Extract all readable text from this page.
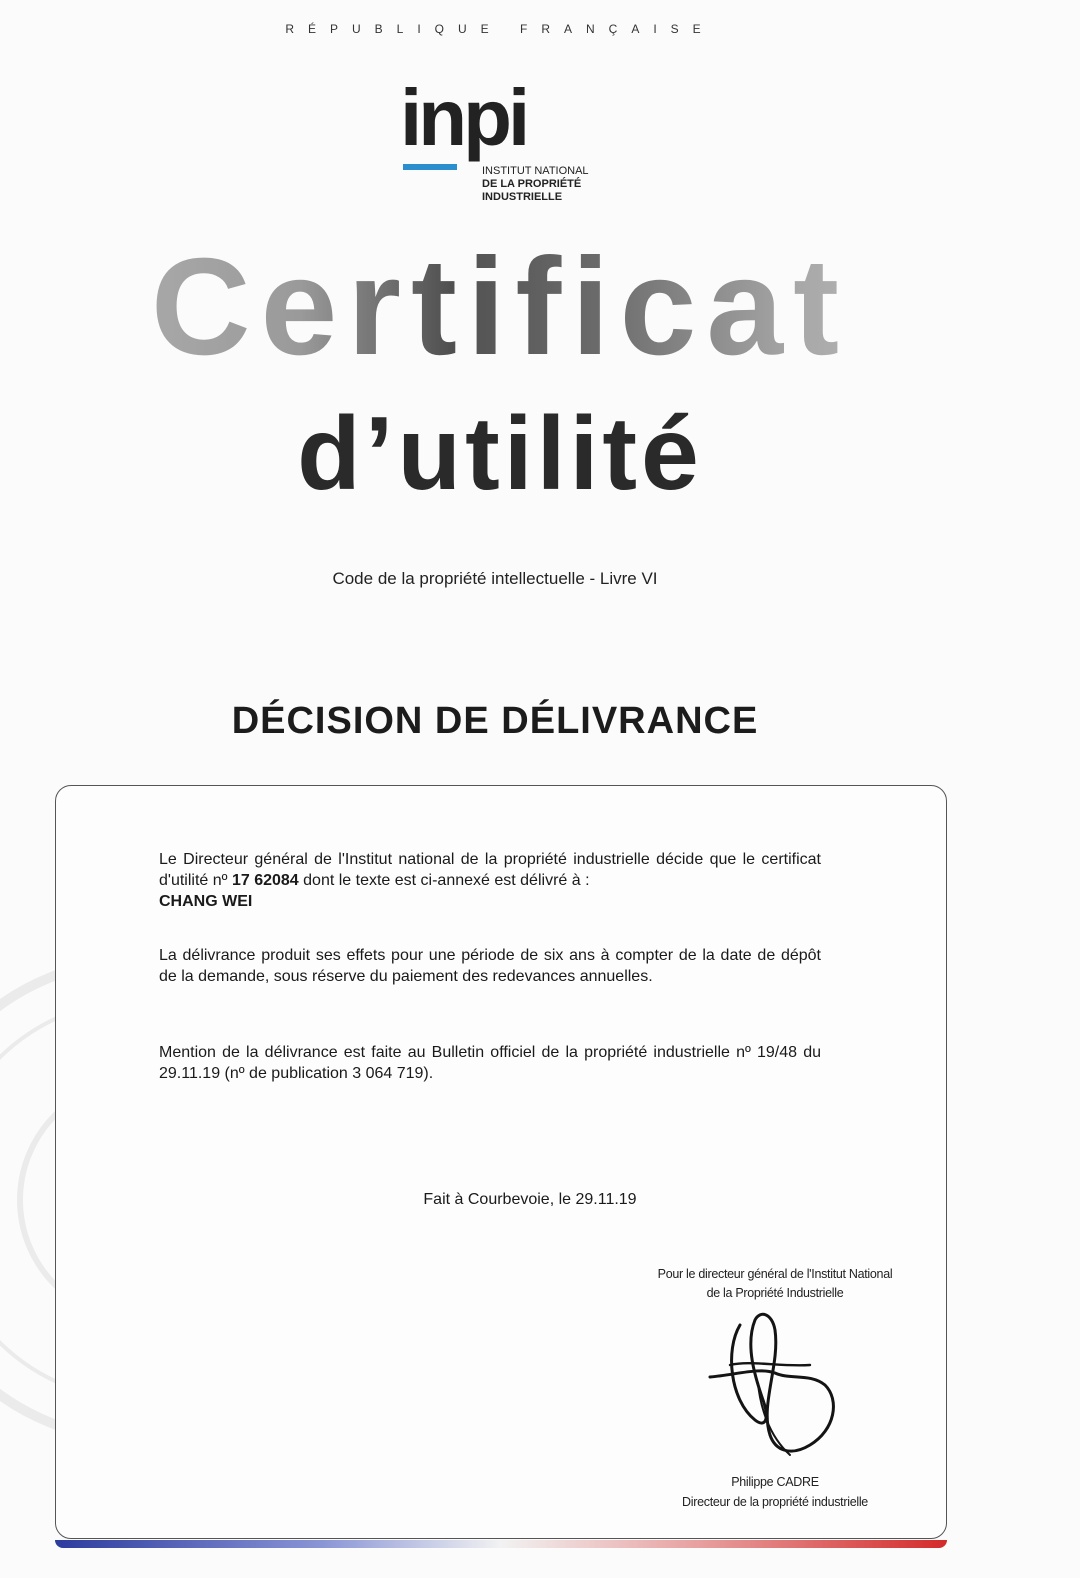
RÉPUBLIQUE FRANÇAISE
inpi
INSTITUT NATIONAL
DE LA PROPRIÉTÉ
INDUSTRIELLE
Certificat
d’utilité
Code de la propriété intellectuelle - Livre VI
DÉCISION DE DÉLIVRANCE
Le Directeur général de l'Institut national de la propriété industrielle décide que le certificat d'utilité nº 17 62084 dont le texte est ci-annexé est délivré à :
CHANG WEI
La délivrance produit ses effets pour une période de six ans à compter de la date de dépôt de la demande, sous réserve du paiement des redevances annuelles.
Mention de la délivrance est faite au Bulletin officiel de la propriété industrielle nº 19/48 du 29.11.19 (nº de publication 3 064 719).
Fait à Courbevoie, le 29.11.19
Pour le directeur général de l'Institut National
de la Propriété Industrielle
Philippe CADRE
Directeur de la propriété industrielle
